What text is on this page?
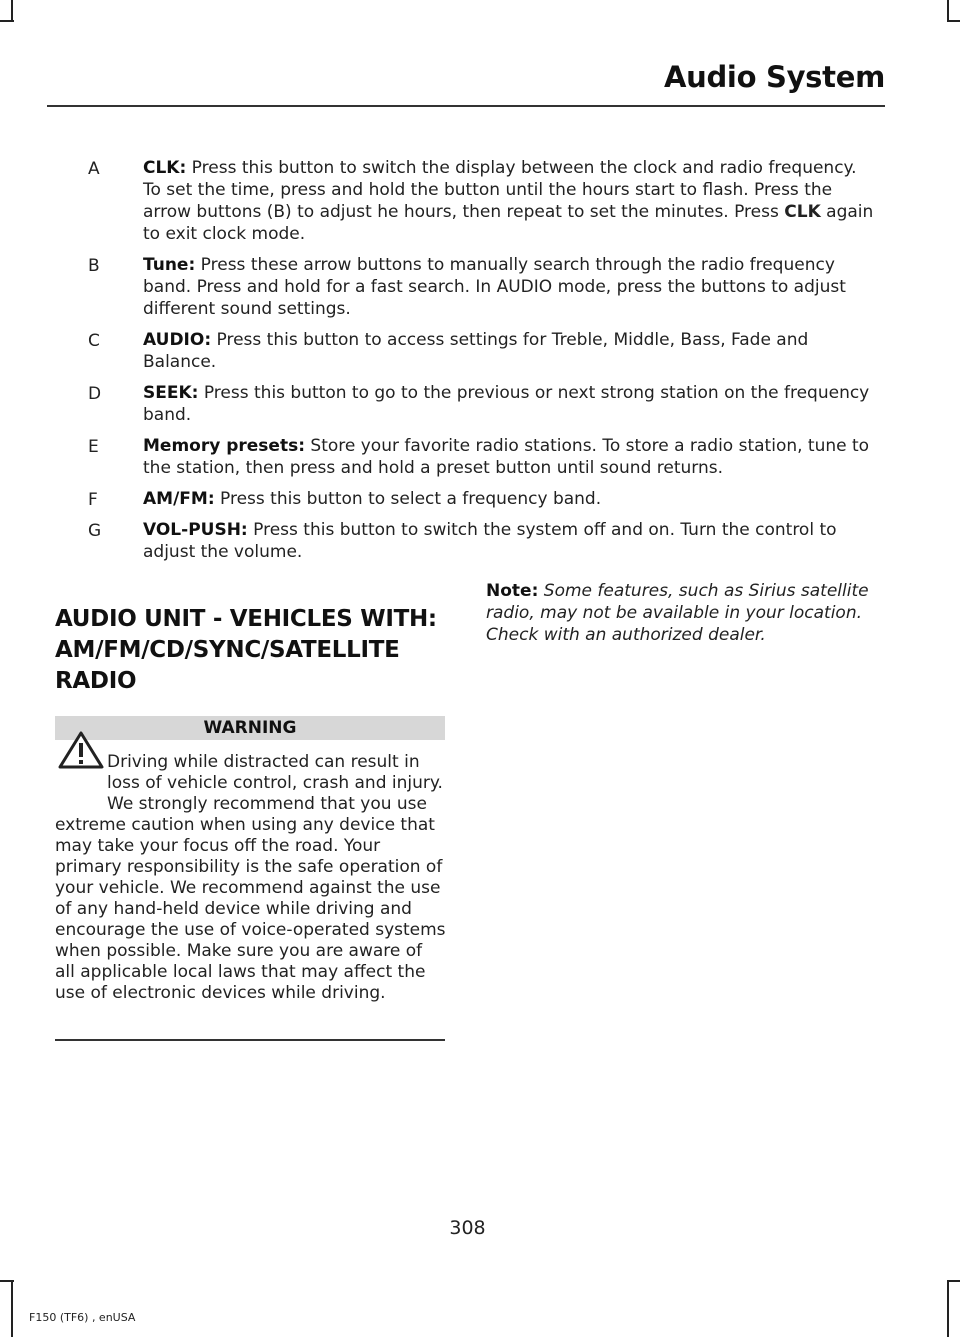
Audio System
A	CLK: Press this button to switch the display between the clock and radio frequency. To set the time, press and hold the button until the hours start to flash. Press the arrow buttons (B) to adjust he hours, then repeat to set the minutes. Press CLK again to exit clock mode.
B	Tune: Press these arrow buttons to manually search through the radio frequency band. Press and hold for a fast search. In AUDIO mode, press the buttons to adjust different sound settings.
C	AUDIO: Press this button to access settings for Treble, Middle, Bass, Fade and Balance.
D SEEK: Press this button to go to the previous or next strong station on the frequency band.
E	Memory presets: Store your favorite radio stations. To store a radio station, tune to the station, then press and hold a preset button until sound returns.
F	AM/FM: Press this button to select a frequency band.
G VOL-PUSH: Press this button to switch the system off and on. Turn the control to adjust the volume.
AUDIO UNIT - VEHICLES WITH:
AM/FM/CD/SYNC/SATELLITE
RADIO
WARNING
Driving while distracted can result in loss of vehicle control, crash and injury. We strongly recommend that you use extreme caution when using any device that may take your focus off the road. Your primary responsibility is the safe operation of your vehicle. We recommend against the use of any hand-held device while driving and encourage the use of voice-operated systems when possible. Make sure you are aware of all applicable local laws that may affect the use of electronic devices while driving.
Note: Some features, such as Sirius satellite radio, may not be available in your location. Check with an authorized dealer.
308
F150 (TF6) , enUSA
